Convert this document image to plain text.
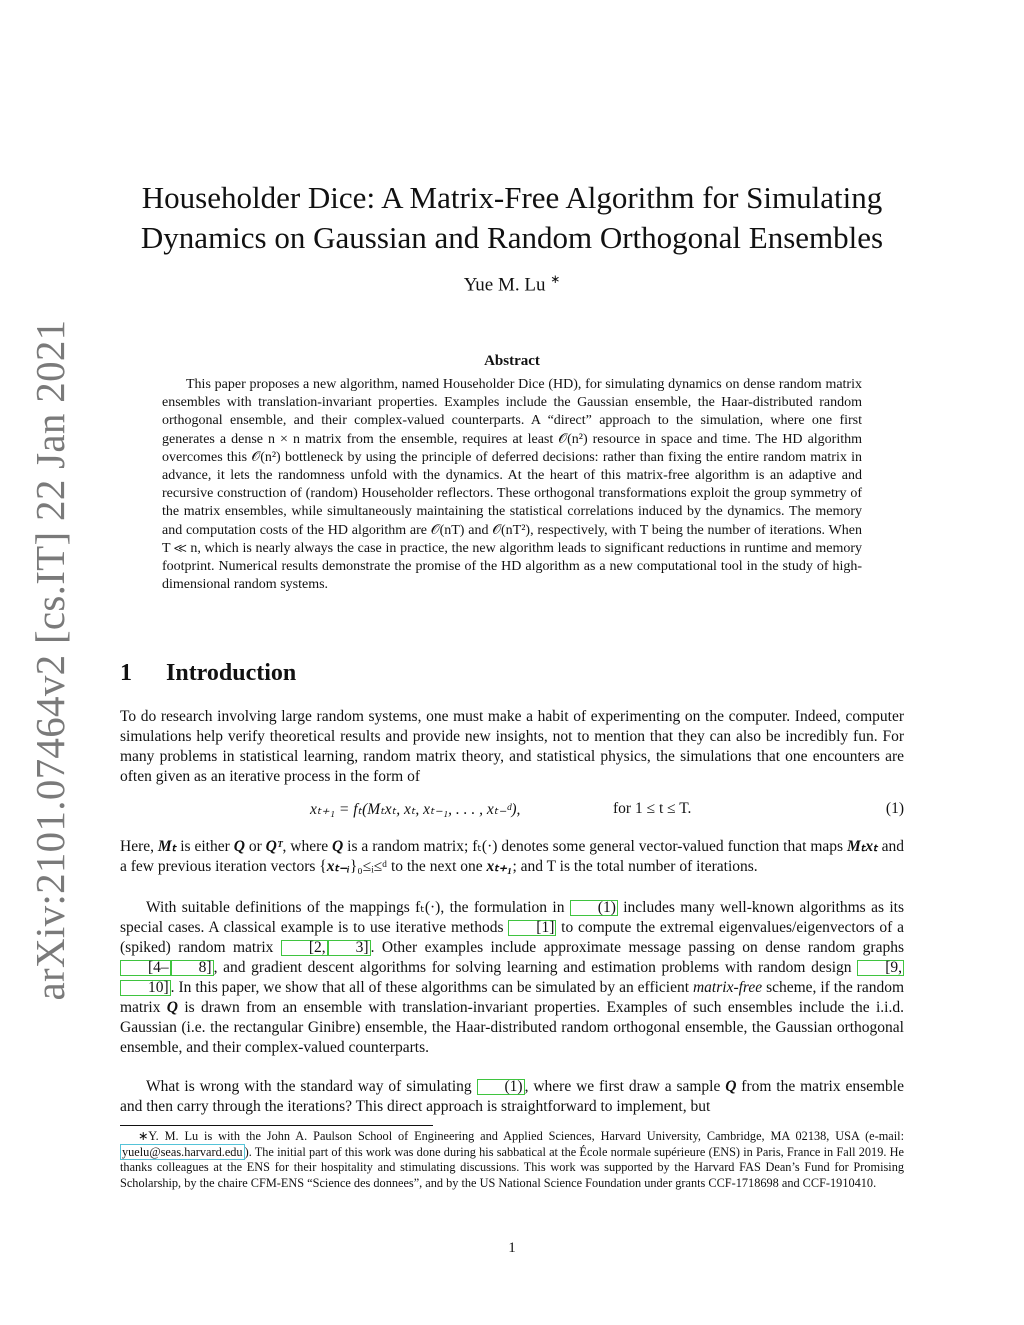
arXiv:2101.07464v2 [cs.IT] 22 Jan 2021
Householder Dice: A Matrix-Free Algorithm for Simulating
Dynamics on Gaussian and Random Orthogonal Ensembles
Yue M. Lu ∗
Abstract

This paper proposes a new algorithm, named Householder Dice (HD), for simulating dynamics on dense random matrix ensembles with translation-invariant properties. Examples include the Gaussian ensemble, the Haar-distributed random orthogonal ensemble, and their complex-valued counterparts. A “direct” approach to the simulation, where one first generates a dense n × n matrix from the ensemble, requires at least 𝒪(n²) resource in space and time. The HD algorithm overcomes this 𝒪(n²) bottleneck by using the principle of deferred decisions: rather than fixing the entire random matrix in advance, it lets the randomness unfold with the dynamics. At the heart of this matrix-free algorithm is an adaptive and recursive construction of (random) Householder reflectors. These orthogonal transformations exploit the group symmetry of the matrix ensembles, while simultaneously maintaining the statistical correlations induced by the dynamics. The memory and computation costs of the HD algorithm are 𝒪(nT) and 𝒪(nT²), respectively, with T being the number of iterations. When T ≪ n, which is nearly always the case in practice, the new algorithm leads to significant reductions in runtime and memory footprint. Numerical results demonstrate the promise of the HD algorithm as a new computational tool in the study of high-dimensional random systems.

1 Introduction

To do research involving large random systems, one must make a habit of experimenting on the computer. Indeed, computer simulations help verify theoretical results and provide new insights, not to mention that they can also be incredibly fun. For many problems in statistical learning, random matrix theory, and statistical physics, the simulations that one encounters are often given as an iterative process in the form of

xₜ₊₁ = fₜ(Mₜxₜ, xₜ, xₜ₋₁, . . . , xₜ₋ᵈ),	for 1 ≤ t ≤ T.	(1)

Here, Mₜ is either Q or Qᵀ, where Q is a random matrix; fₜ(·) denotes some general vector-valued function that maps Mₜxₜ and a few previous iteration vectors {xₜ₋ᵢ}₀≤ᵢ≤ᵈ to the next one xₜ₊₁; and T is the total number of iterations.

With suitable definitions of the mappings fₜ(·), the formulation in (1) includes many well-known algorithms as its special cases. A classical example is to use iterative methods [1] to compute the extremal eigenvalues/eigenvectors of a (spiked) random matrix [2, 3] . Other examples include approximate message passing on dense random graphs [4– 8] , and gradient descent algorithms for solving learning and estimation problems with random design [9,10] . In this paper, we show that all of these algorithms can be simulated by an efficient matrix-free scheme, if the random matrix Q is drawn from an ensemble with translation-invariant properties. Examples of such ensembles include the i.i.d. Gaussian (i.e. the rectangular Ginibre) ensemble, the Haar-distributed random orthogonal ensemble, the Gaussian orthogonal ensemble, and their complex-valued counterparts.

What is wrong with the standard way of simulating (1) , where we first draw a sample Q from the matrix ensemble and then carry through the iterations? This direct approach is straightforward to implement, but

∗Y. M. Lu is with the John A. Paulson School of Engineering and Applied Sciences, Harvard University, Cambridge, MA 02138, USA (e-mail: yuelu@seas.harvard.edu ). The initial part of this work was done during his sabbatical at the École normale supérieure (ENS) in Paris, France in Fall 2019. He thanks colleagues at the ENS for their hospitality and stimulating discussions. This work was supported by the Harvard FAS Dean’s Fund for Promising Scholarship, by the chaire CFM-ENS “Science des donnees”, and by the US National Science Foundation under grants CCF-1718698 and CCF-1910410.

1
